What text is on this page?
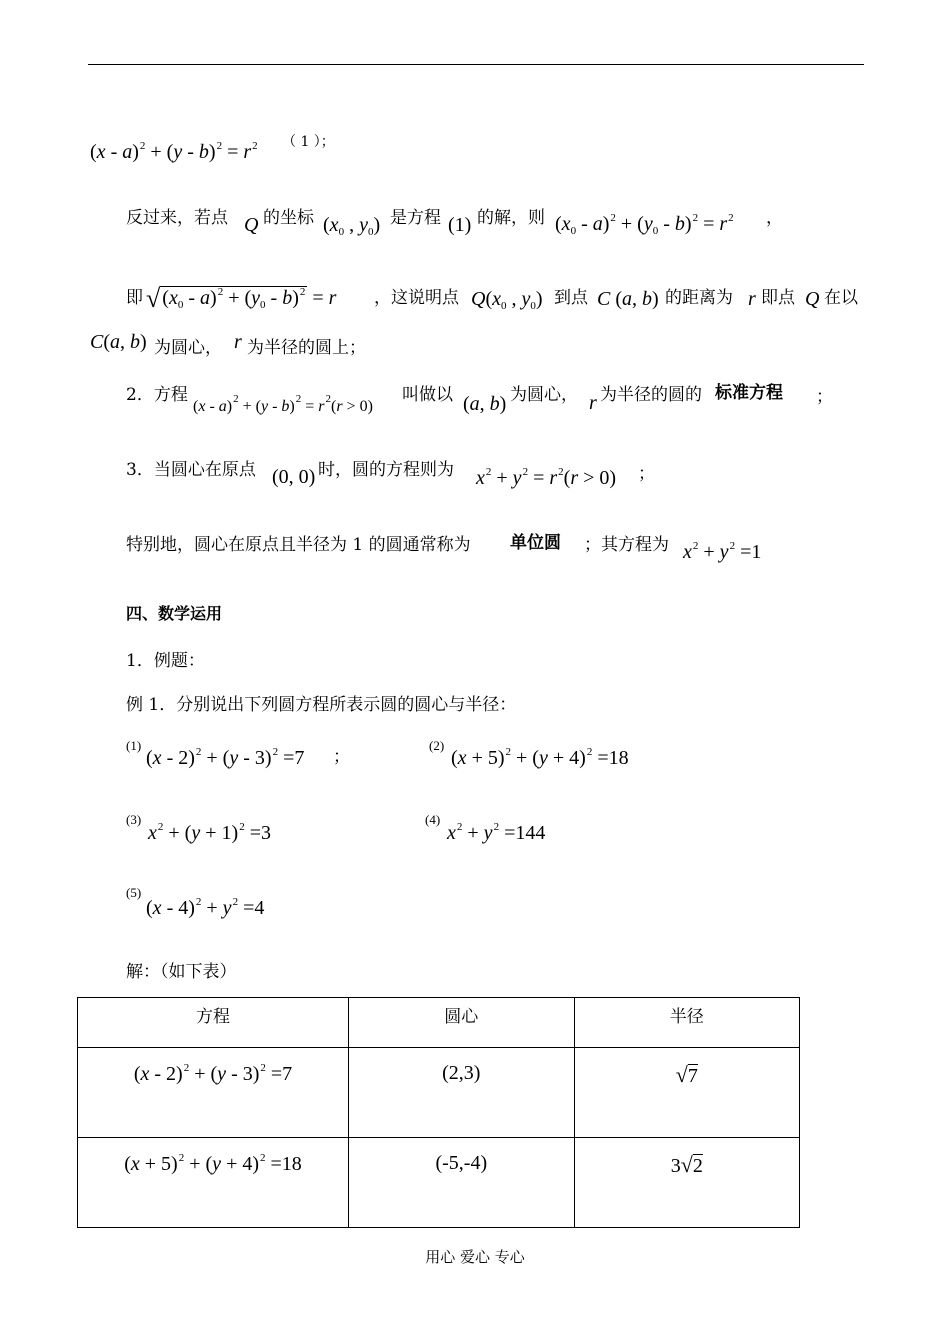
$(x - a)^2 + (y - b)^2 = r^2$ （ 1 ）；
反过来，若点 Q 的坐标 ($x_0$ , $y_0$) 是方程 (1) 的解，则 $(x_0 - a)^2 + (y_0 - b)^2 = r^2$ ，
即 √ $(x_0 - a)^2 + (y_0 - b)^2 = r$ ，这说明点 $Q(x_0$ , $y_0$) 到点 C (a, b) 的距离为 r 即点 Q 在以
C(a, b) 为圆心， r 为半径的圆上；
2．方程
$(x - a)^2 + (y - b)^2 = r^2(r > 0)$
叫做以 (a, b) 为圆心， r 为半径的圆的 标准方程 ；
3．当圆心在原点 (0, 0) 时，圆的方程则为 $x^2 + y^2 = r^2(r > 0)$ ；
特别地，圆心在原点且半径为 1 的圆通常称为 单位圆 ；其方程为 $x^2 + y^2 =1$
四、数学运用
1．例题：
例 1．分别说出下列圆方程所表示圆的圆心与半径：
(1)
(x - 2)$^2$ + (y - 3)$^2$ =7 ；
(2)
$(x + 5)^2 + (y + 4)^2 =18$
(3)
$x^2 + (y + 1)^2 =3$
(4)
$x^2 + y^2 =144$
(5)
$(x - 4)^2 + y^2 =4$
解：（如下表）
方程	圆心	半径
(x - 2)$^2$ + (y - 3)$^2$ =7	(2,3)	√7
$(x + 5)^2 + (y + 4)^2 =18$	(-5,-4)	3√2
用心 爱心 专心
